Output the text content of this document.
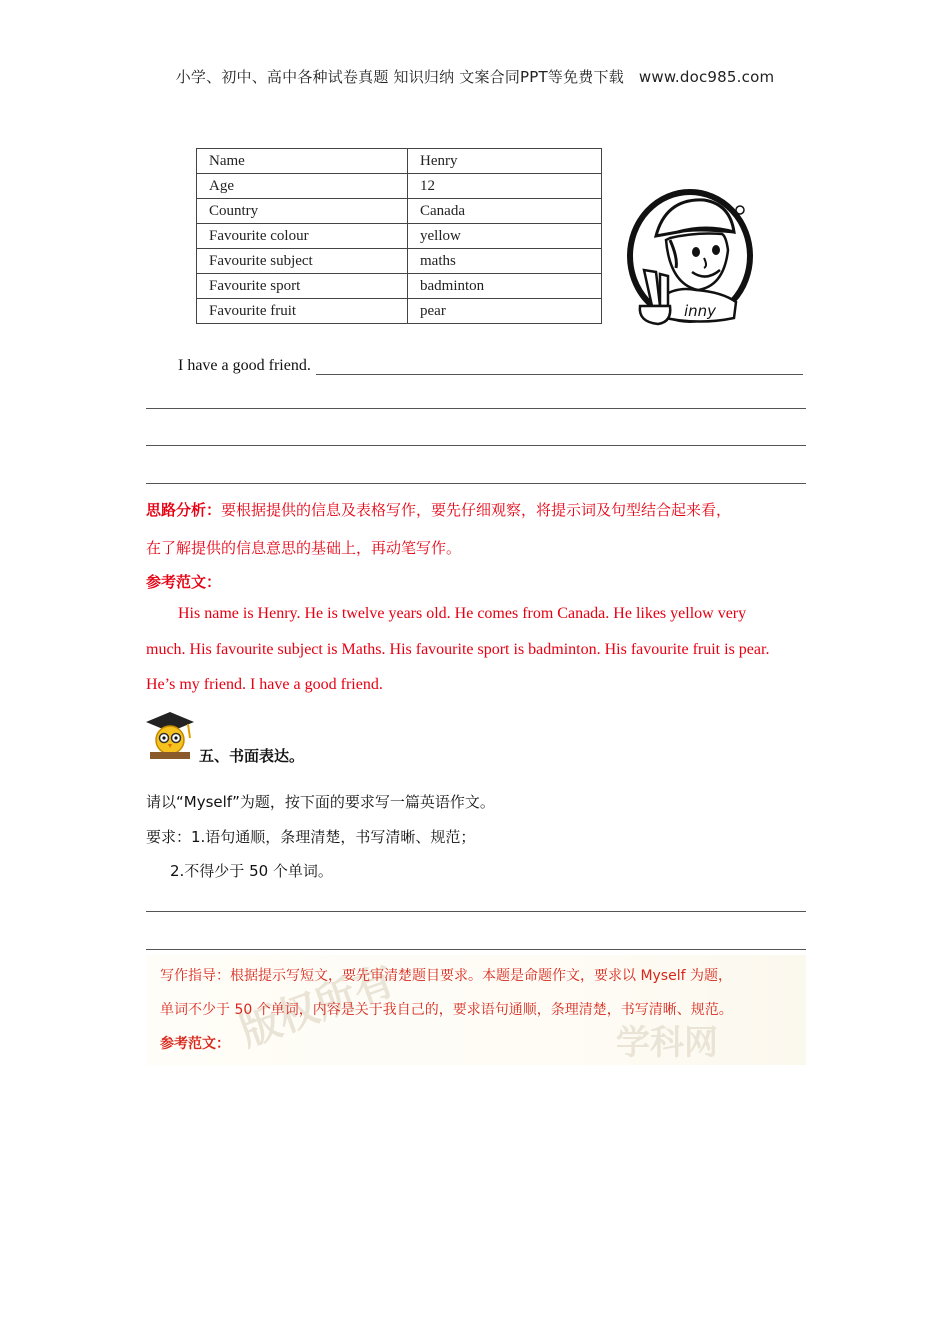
小学、初中、高中各种试卷真题 知识归纳 文案合同PPT等免费下载 www.doc985.com
Name	Henry
Age	12
Country	Canada
Favourite colour	yellow
Favourite subject	maths
Favourite sport	badminton
Favourite fruit	pear	inny
I have a good friend.
思路分析：要根据提供的信息及表格写作，要先仔细观察，将提示词及句型结合起来看，
在了解提供的信息意思的基础上，再动笔写作。
参考范文：
His name is Henry. He is twelve years old. He comes from Canada. He likes yellow very
much. His favourite subject is Maths. His favourite sport is badminton. His favourite fruit is pear.
He’s my friend. I have a good friend.
五、书面表达。
请以“Myself”为题，按下面的要求写一篇英语作文。
要求：1.语句通顺，条理清楚，书写清晰、规范；
2.不得少于 50 个单词。
版权所有	学科网
写作指导：根据提示写短文，要先审清楚题目要求。本题是命题作文，要求以 Myself 为题，
单词不少于 50 个单词，内容是关于我自己的，要求语句通顺，条理清楚，书写清晰、规范。
参考范文：
